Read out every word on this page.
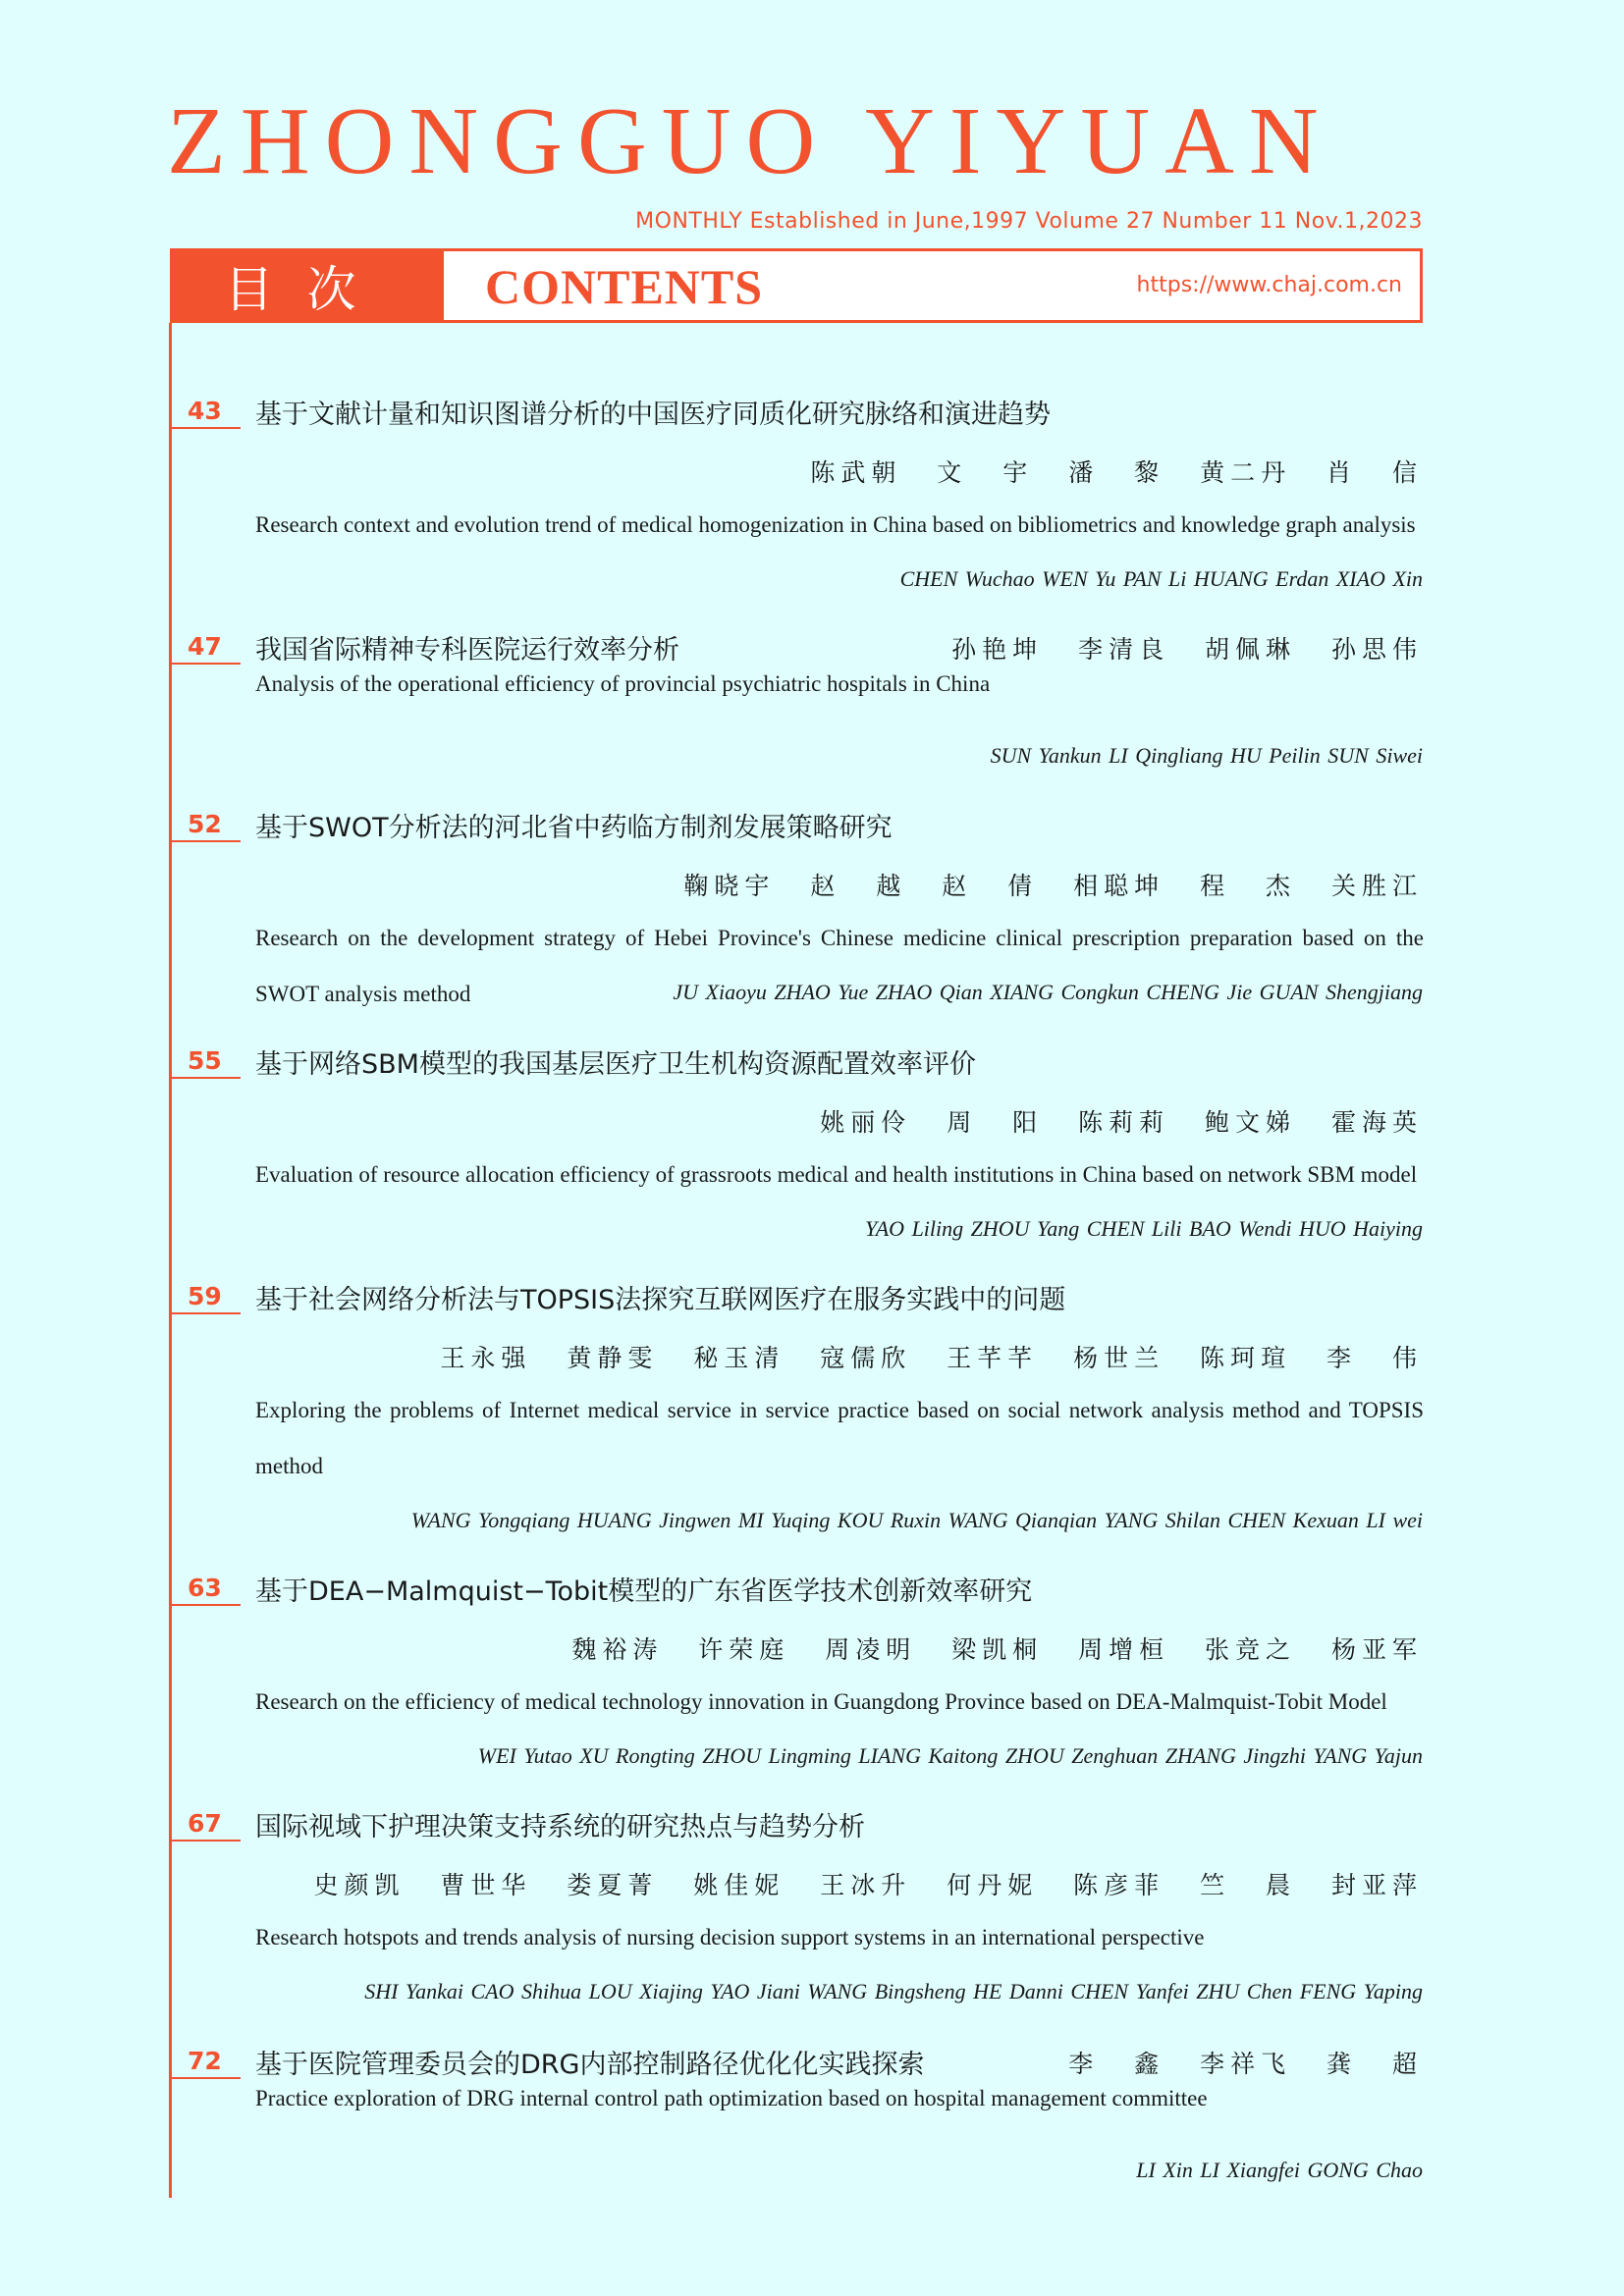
ZHONGGUO YIYUAN
MONTHLY Established in June,1997 Volume 27 Number 11 Nov.1,2023
目次	CONTENTS	https://www.chaj.com.cn
43 基于文献计量和知识图谱分析的中国医疗同质化研究脉络和演进趋势
陈武朝 文 宇 潘 黎 黄二丹 肖 信
Research context and evolution trend of medical homogenization in China based on bibliometrics and knowledge graph analysis
CHEN Wuchao WEN Yu PAN Li HUANG Erdan XIAO Xin
47 我国省际精神专科医院运行效率分析	孙艳坤 李清良 胡佩琳 孙思伟
Analysis of the operational efficiency of provincial psychiatric hospitals in China
SUN Yankun LI Qingliang HU Peilin SUN Siwei
52 基于SWOT分析法的河北省中药临方制剂发展策略研究
鞠晓宇 赵 越 赵 倩 相聪坤 程 杰 关胜江
Research on the development strategy of Hebei Province's Chinese medicine clinical prescription preparation based on the SWOT analysis method	JU Xiaoyu ZHAO Yue ZHAO Qian XIANG Congkun CHENG Jie GUAN Shengjiang
55 基于网络SBM模型的我国基层医疗卫生机构资源配置效率评价
姚丽伶 周 阳 陈莉莉 鲍文娣 霍海英
Evaluation of resource allocation efficiency of grassroots medical and health institutions in China based on network SBM model
YAO Liling ZHOU Yang CHEN Lili BAO Wendi HUO Haiying
59 基于社会网络分析法与TOPSIS法探究互联网医疗在服务实践中的问题
王永强 黄静雯 秘玉清 寇儒欣 王芊芊 杨世兰 陈珂瑄 李 伟
Exploring the problems of Internet medical service in service practice based on social network analysis method and TOPSIS method
WANG Yongqiang HUANG Jingwen MI Yuqing KOU Ruxin WANG Qianqian YANG Shilan CHEN Kexuan LI wei
63 基于DEA−Malmquist−Tobit模型的广东省医学技术创新效率研究
魏裕涛 许荣庭 周凌明 梁凯桐 周增桓 张竞之 杨亚军
Research on the efficiency of medical technology innovation in Guangdong Province based on DEA-Malmquist-Tobit Model
WEI Yutao XU Rongting ZHOU Lingming LIANG Kaitong ZHOU Zenghuan ZHANG Jingzhi YANG Yajun
67 国际视域下护理决策支持系统的研究热点与趋势分析
史颜凯 曹世华 娄夏菁 姚佳妮 王冰升 何丹妮 陈彦菲 竺 晨 封亚萍
Research hotspots and trends analysis of nursing decision support systems in an international perspective
SHI Yankai CAO Shihua LOU Xiajing YAO Jiani WANG Bingsheng HE Danni CHEN Yanfei ZHU Chen FENG Yaping
72 基于医院管理委员会的DRG内部控制路径优化化实践探索	李 鑫 李祥飞 龚 超
Practice exploration of DRG internal control path optimization based on hospital management committee
LI Xin LI Xiangfei GONG Chao
